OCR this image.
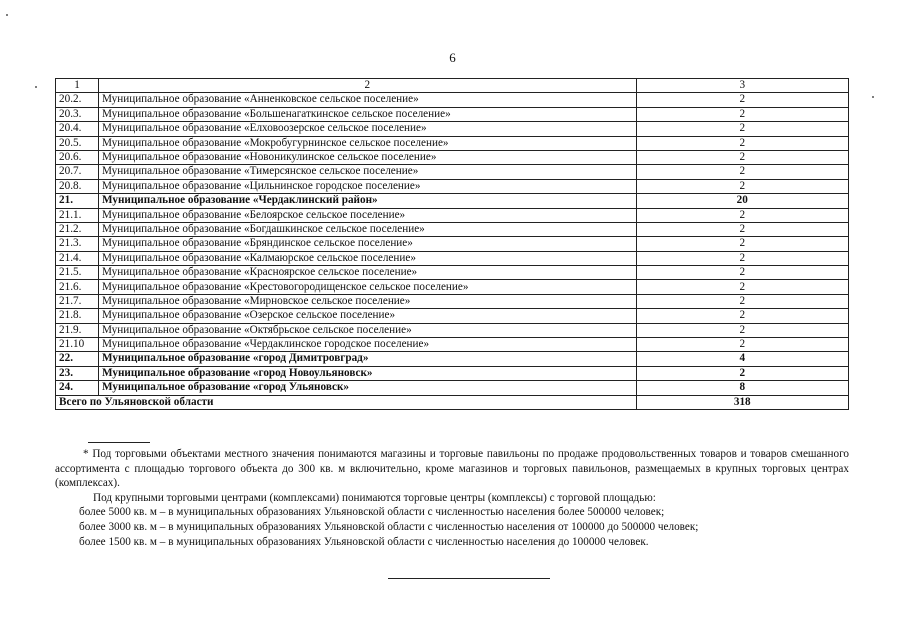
6
1	2	3
20.2.	Муниципальное образование «Анненковское сельское поселение»	2
20.3.	Муниципальное образование «Большенагаткинское сельское поселение»	2
20.4.	Муниципальное образование «Елховоозерское сельское поселение»	2
20.5.	Муниципальное образование «Мокробугурнинское сельское поселение»	2
20.6.	Муниципальное образование «Новоникулинское сельское поселение»	2
20.7.	Муниципальное образование «Тимерсянское сельское поселение»	2
20.8.	Муниципальное образование «Цильнинское городское поселение»	2
21.	Муниципальное образование «Чердаклинский район»	20
21.1.	Муниципальное образование «Белоярское сельское поселение»	2
21.2.	Муниципальное образование «Богдашкинское сельское поселение»	2
21.3.	Муниципальное образование «Бряндинское сельское поселение»	2
21.4.	Муниципальное образование «Калмаюрское сельское поселение»	2
21.5.	Муниципальное образование «Красноярское сельское поселение»	2
21.6.	Муниципальное образование «Крестовогородищенское сельское поселение»	2
21.7.	Муниципальное образование «Мирновское сельское поселение»	2
21.8.	Муниципальное образование «Озерское сельское поселение»	2
21.9.	Муниципальное образование «Октябрьское сельское поселение»	2
21.10	Муниципальное образование «Чердаклинское городское поселение»	2
22.	Муниципальное образование «город Димитровград»	4
23.	Муниципальное образование «город Новоульяновск»	2
24.	Муниципальное образование «город Ульяновск»	8
Всего по Ульяновской области		318

* Под торговыми объектами местного значения понимаются магазины и торговые павильоны по продаже продовольственных товаров и товаров смешанного ассортимента с площадью торгового объекта до 300 кв. м включительно, кроме магазинов и торговых павильонов, размещаемых в крупных торговых центрах (комплексах).

Под крупными торговыми центрами (комплексами) понимаются торговые центры (комплексы) с торговой площадью:

более 5000 кв. м – в муниципальных образованиях Ульяновской области с численностью населения более 500000 человек;

более 3000 кв. м – в муниципальных образованиях Ульяновской области с численностью населения от 100000 до 500000 человек;

более 1500 кв. м – в муниципальных образованиях Ульяновской области с численностью населения до 100000 человек.
